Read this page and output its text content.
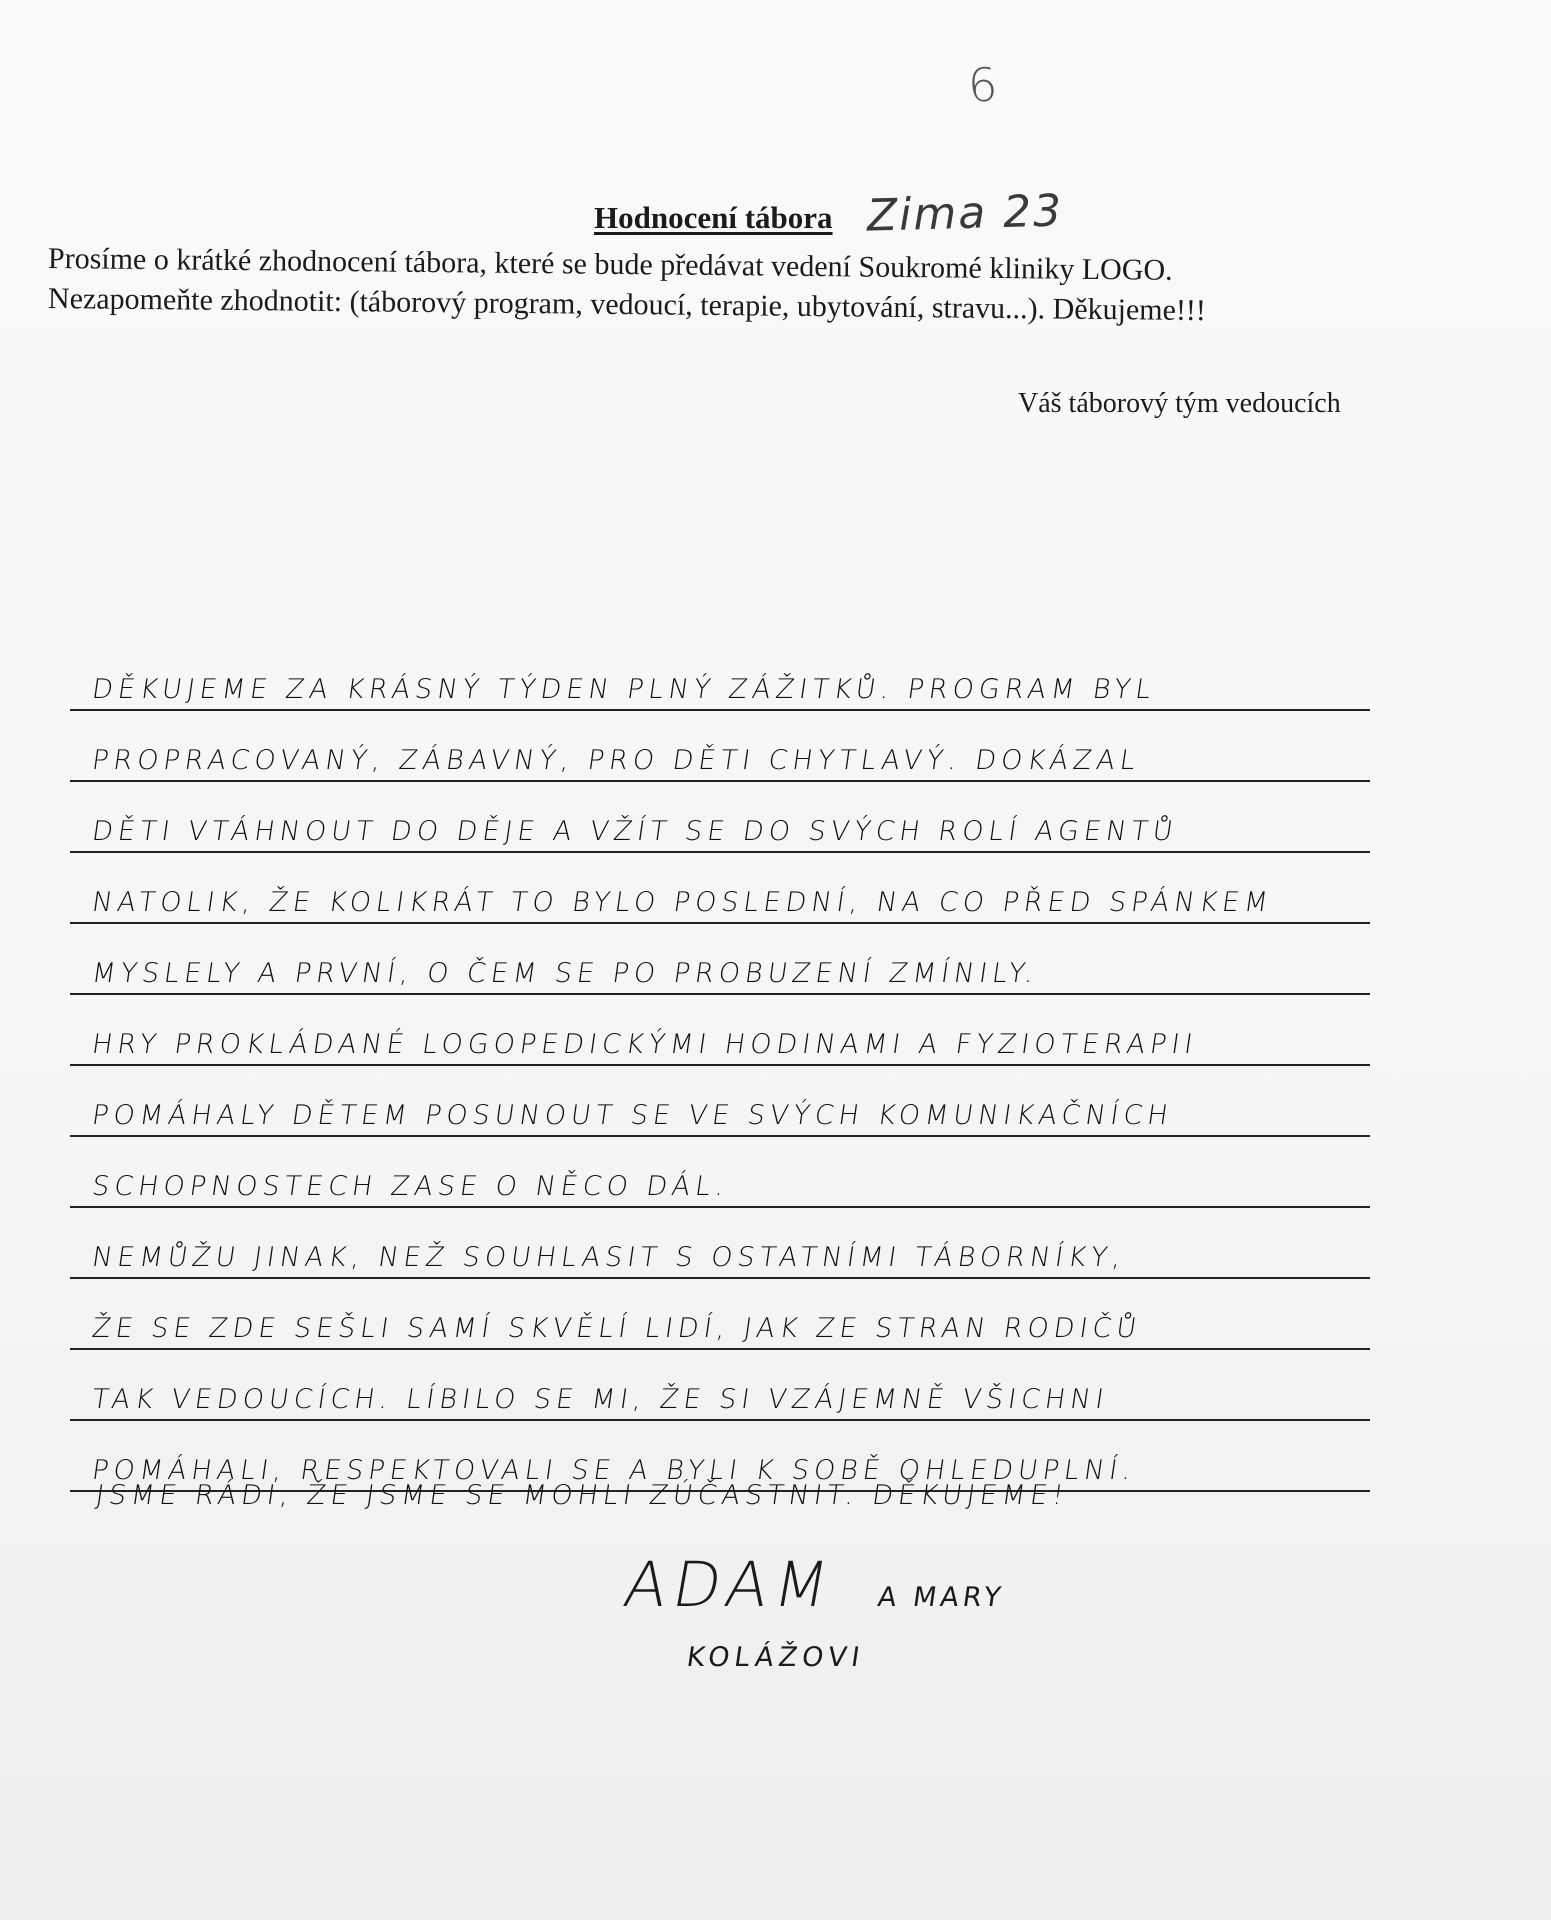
6
Hodnocení tábora Zima 23

Prosíme o krátké zhodnocení tábora, které se bude předávat vedení Soukromé kliniky LOGO.

Nezapomeňte zhodnotit: (táborový program, vedoucí, terapie, ubytování, stravu...). Děkujeme!!!

Váš táborový tým vedoucích
DĚKUJEME ZA KRÁSNÝ TÝDEN PLNÝ ZÁŽITKŮ. PROGRAM BYL
PROPRACOVANÝ, ZÁBAVNÝ, PRO DĚTI CHYTLAVÝ. DOKÁZAL
DĚTI VTÁHNOUT DO DĚJE A VŽÍT SE DO SVÝCH ROLÍ AGENTŮ
NATOLIK, ŽE KOLIKRÁT TO BYLO POSLEDNÍ, NA CO PŘED SPÁNKEM
MYSLELY A PRVNÍ, O ČEM SE PO PROBUZENÍ ZMÍNILY.
HRY PROKLÁDANÉ LOGOPEDICKÝMI HODINAMI A FYZIOTERAPII
POMÁHALY DĚTEM POSUNOUT SE VE SVÝCH KOMUNIKAČNÍCH
SCHOPNOSTECH ZASE O NĚCO DÁL.
NEMŮŽU JINAK, NEŽ SOUHLASIT S OSTATNÍMI TÁBORNÍKY,
ŽE SE ZDE SEŠLI SAMÍ SKVĚLÍ LIDÍ, JAK ZE STRAN RODIČŮ
TAK VEDOUCÍCH. LÍBILO SE MI, ŽE SI VZÁJEMNĚ VŠICHNI
POMÁHALI, RESPEKTOVALI SE A BYLI K SOBĚ OHLEDUPLNÍ.
JSME RÁDI, ŽE JSME SE MOHLI ZÚČASTNIT. DĚKUJEME!
ADAM A MARY
KOLÁŽOVI
